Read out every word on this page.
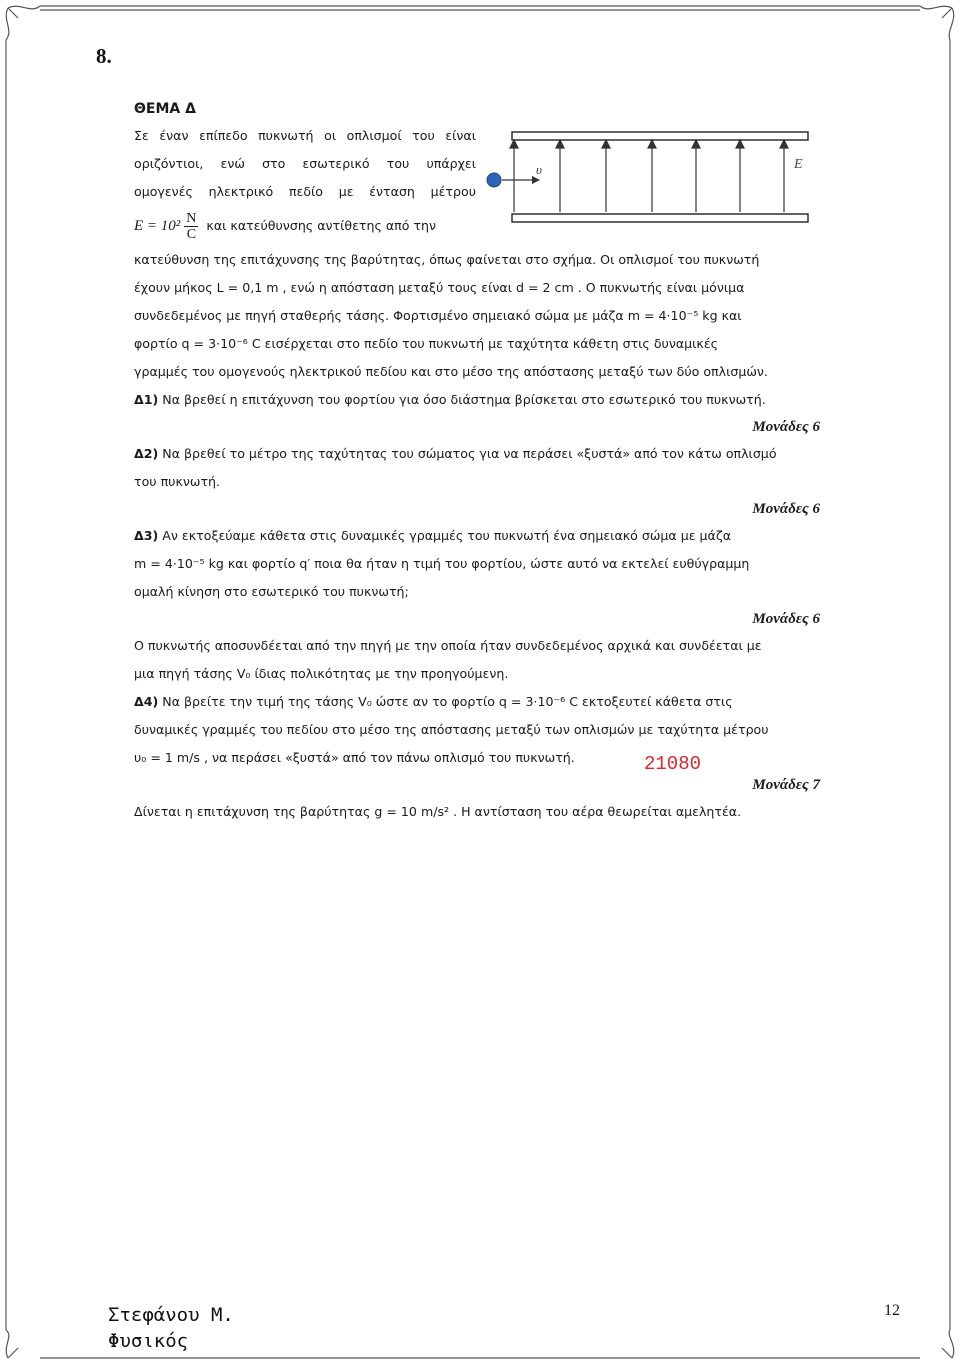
8.
υ	E
ΘΕΜΑ Δ
Σε έναν επίπεδο πυκνωτή οι οπλισμοί του είναι
οριζόντιοι, ενώ στο εσωτερικό του υπάρχει
ομογενές ηλεκτρικό πεδίο με ένταση μέτρου
$E = 10^2 \frac{N}{C}$ και κατεύθυνσης αντίθετης από την
κατεύθυνση της επιτάχυνσης της βαρύτητας, όπως φαίνεται στο σχήμα. Οι οπλισμοί του πυκνωτή
έχουν μήκος L = 0,1 m , ενώ η απόσταση μεταξύ τους είναι d = 2 cm . Ο πυκνωτής είναι μόνιμα
συνδεδεμένος με πηγή σταθερής τάσης. Φορτισμένο σημειακό σώμα με μάζα m = 4·10⁻⁵ kg και
φορτίο q = 3·10⁻⁶ C εισέρχεται στο πεδίο του πυκνωτή με ταχύτητα κάθετη στις δυναμικές
γραμμές του ομογενούς ηλεκτρικού πεδίου και στο μέσο της απόστασης μεταξύ των δύο οπλισμών.
Δ1) Να βρεθεί η επιτάχυνση του φορτίου για όσο διάστημα βρίσκεται στο εσωτερικό του πυκνωτή.
Μονάδες 6
Δ2) Να βρεθεί το μέτρο της ταχύτητας του σώματος για να περάσει «ξυστά» από τον κάτω οπλισμό
του πυκνωτή.
Μονάδες 6
Δ3) Αν εκτοξεύαμε κάθετα στις δυναμικές γραμμές του πυκνωτή ένα σημειακό σώμα με μάζα
m = 4·10⁻⁵ kg και φορτίο q′ ποια θα ήταν η τιμή του φορτίου, ώστε αυτό να εκτελεί ευθύγραμμη
ομαλή κίνηση στο εσωτερικό του πυκνωτή;
Μονάδες 6
Ο πυκνωτής αποσυνδέεται από την πηγή με την οποία ήταν συνδεδεμένος αρχικά και συνδέεται με
μια πηγή τάσης V₀ ίδιας πολικότητας με την προηγούμενη.
Δ4) Να βρείτε την τιμή της τάσης V₀ ώστε αν το φορτίο q = 3·10⁻⁶ C εκτοξευτεί κάθετα στις
δυναμικές γραμμές του πεδίου στο μέσο της απόστασης μεταξύ των οπλισμών με ταχύτητα μέτρου
υ₀ = 1 m/s , να περάσει «ξυστά» από τον πάνω οπλισμό του πυκνωτή.	21080
Μονάδες 7
Δίνεται η επιτάχυνση της βαρύτητας g = 10 m/s² . Η αντίσταση του αέρα θεωρείται αμελητέα.
Στεφάνου Μ.
Φυσικός
12
